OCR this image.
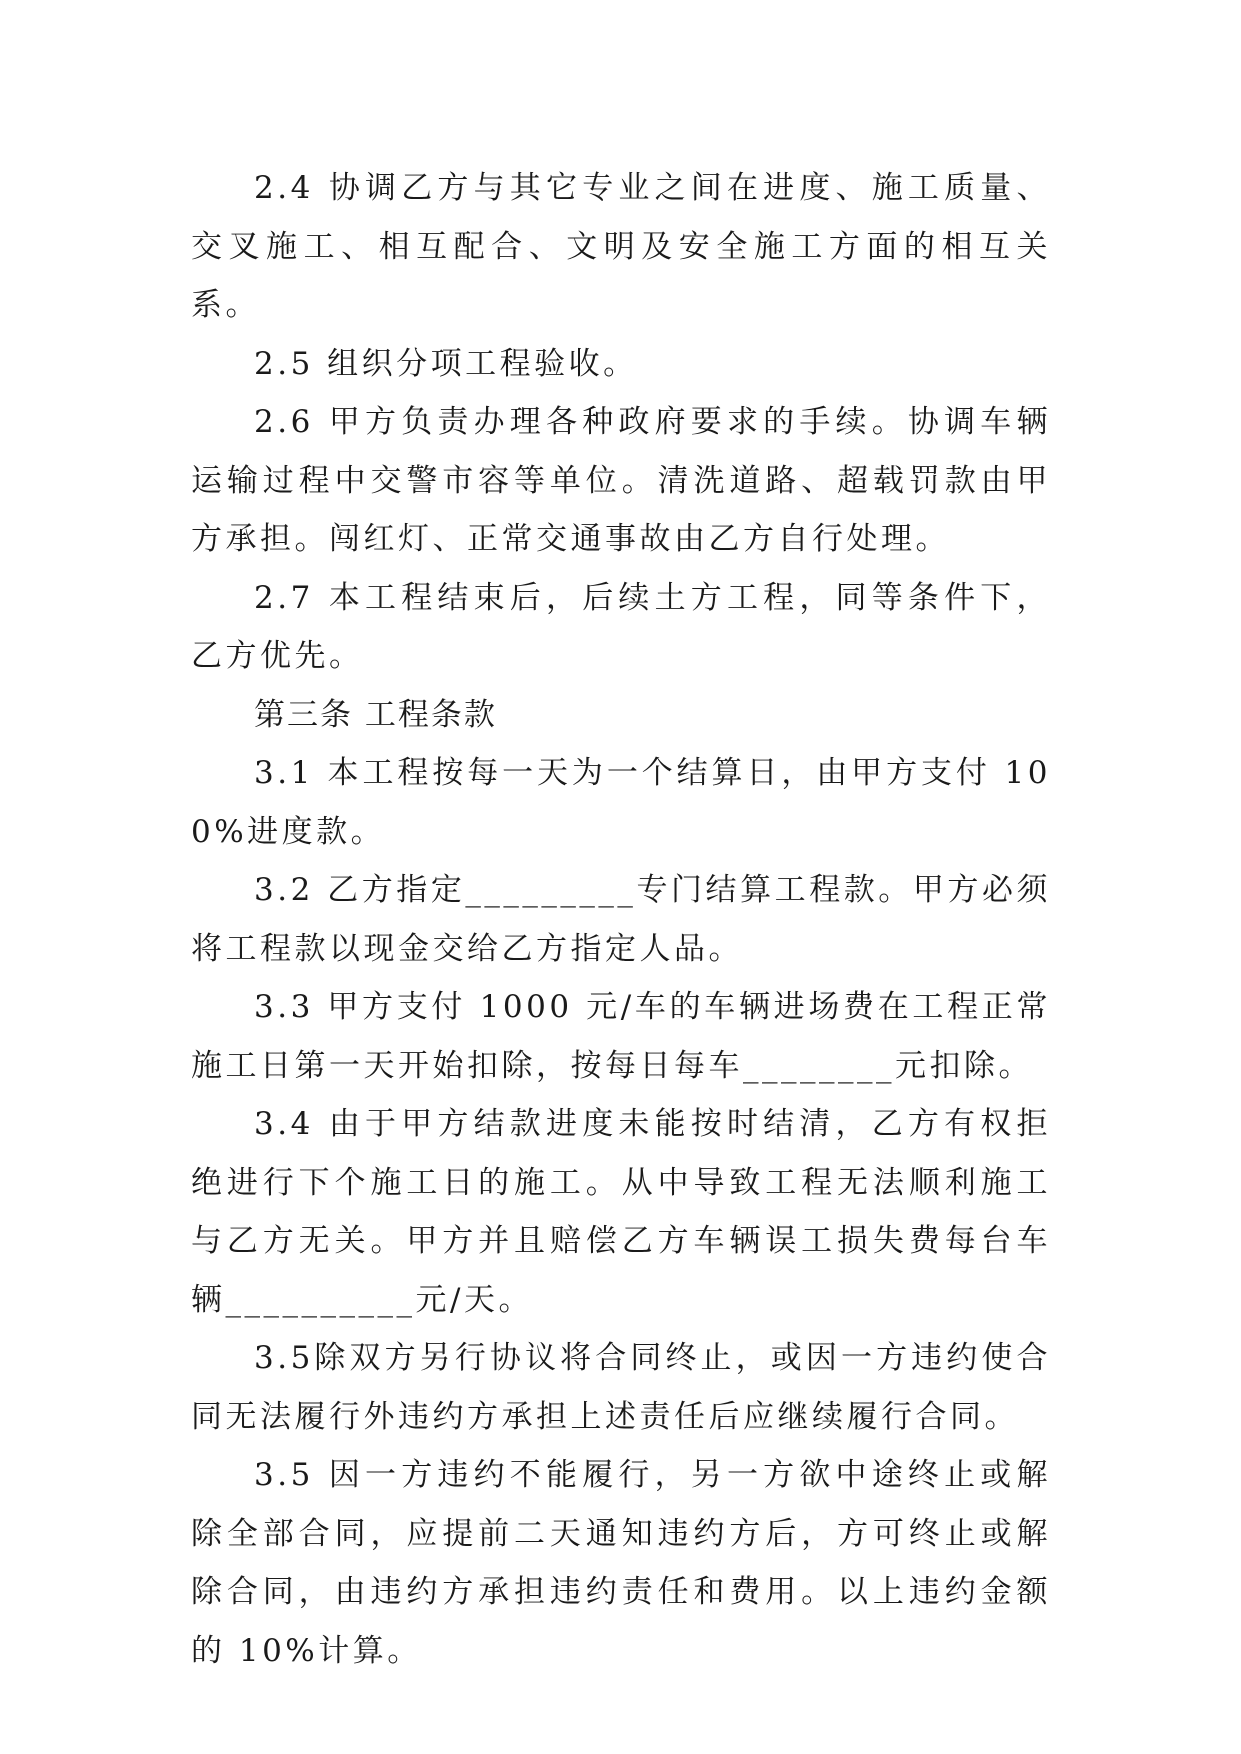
2.4 协调乙方与其它专业之间在进度、施工质量、交叉施工、相互配合、文明及安全施工方面的相互关系。

2.5 组织分项工程验收。

2.6 甲方负责办理各种政府要求的手续。协调车辆运输过程中交警市容等单位。清洗道路、超载罚款由甲方承担。闯红灯、正常交通事故由乙方自行处理。

2.7 本工程结束后，后续土方工程，同等条件下，乙方优先。

第三条 工程条款

3.1 本工程按每一天为一个结算日，由甲方支付 100%进度款。

3.2 乙方指定_________专门结算工程款。甲方必须将工程款以现金交给乙方指定人品。

3.3 甲方支付 1000 元/车的车辆进场费在工程正常施工日第一天开始扣除，按每日每车________元扣除。

3.4 由于甲方结款进度未能按时结清，乙方有权拒绝进行下个施工日的施工。从中导致工程无法顺利施工与乙方无关。甲方并且赔偿乙方车辆误工损失费每台车辆__________元/天。

3.5除双方另行协议将合同终止，或因一方违约使合同无法履行外违约方承担上述责任后应继续履行合同。

3.5 因一方违约不能履行，另一方欲中途终止或解除全部合同，应提前二天通知违约方后，方可终止或解除合同，由违约方承担违约责任和费用。以上违约金额的 10%计算。
